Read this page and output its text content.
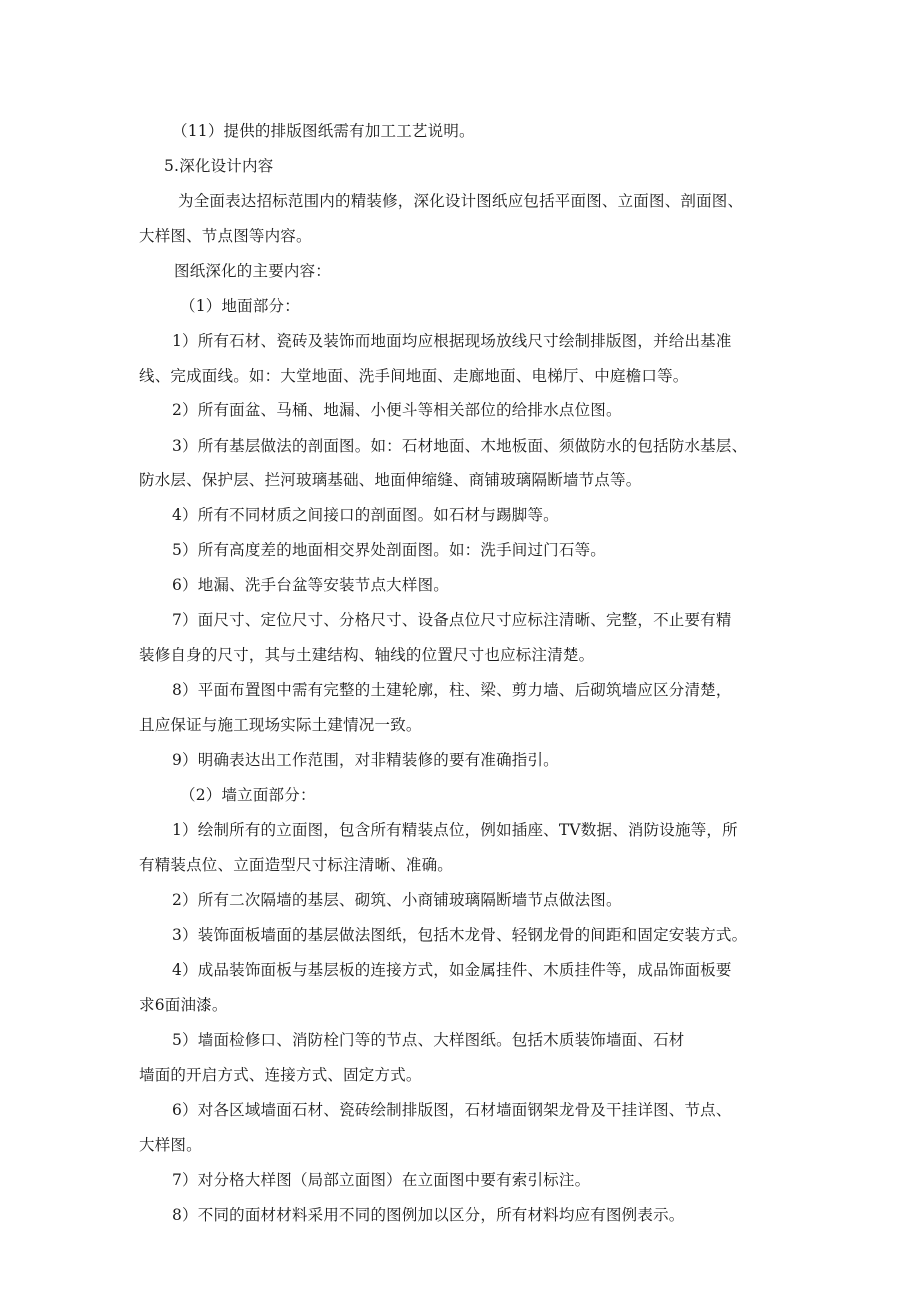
（11）提供的排版图纸需有加工工艺说明。
5.深化设计内容
为全面表达招标范围内的精装修，深化设计图纸应包括平面图、立面图、剖面图、
大样图、节点图等内容。
图纸深化的主要内容：
（1）地面部分：
1）所有石材、瓷砖及装饰而地面均应根据现场放线尺寸绘制排版图，并给出基准
线、完成面线。如：大堂地面、洗手间地面、走廊地面、电梯厅、中庭檐口等。
2）所有面盆、马桶、地漏、小便斗等相关部位的给排水点位图。
3）所有基层做法的剖面图。如：石材地面、木地板面、须做防水的包括防水基层、
防水层、保护层、拦河玻璃基础、地面伸缩缝、商铺玻璃隔断墙节点等。
4）所有不同材质之间接口的剖面图。如石材与踢脚等。
5）所有高度差的地面相交界处剖面图。如：洗手间过门石等。
6）地漏、洗手台盆等安装节点大样图。
7）面尺寸、定位尺寸、分格尺寸、设备点位尺寸应标注清晰、完整，不止要有精
装修自身的尺寸，其与土建结构、轴线的位置尺寸也应标注清楚。
8）平面布置图中需有完整的土建轮廓，柱、梁、剪力墙、后砌筑墙应区分清楚，
且应保证与施工现场实际土建情况一致。
9）明确表达出工作范围，对非精装修的要有准确指引。
（2）墙立面部分：
1）绘制所有的立面图，包含所有精装点位，例如插座、TV数据、消防设施等，所
有精装点位、立面造型尺寸标注清晰、准确。
2）所有二次隔墙的基层、砌筑、小商铺玻璃隔断墙节点做法图。
3）装饰面板墙面的基层做法图纸，包括木龙骨、轻钢龙骨的间距和固定安装方式。
4）成品装饰面板与基层板的连接方式，如金属挂件、木质挂件等，成品饰面板要
求6面油漆。
5）墙面检修口、消防栓门等的节点、大样图纸。包括木质装饰墙面、石材
墙面的开启方式、连接方式、固定方式。
6）对各区域墙面石材、瓷砖绘制排版图，石材墙面钢架龙骨及干挂详图、节点、
大样图。
7）对分格大样图（局部立面图）在立面图中要有索引标注。
8）不同的面材材料采用不同的图例加以区分，所有材料均应有图例表示。
